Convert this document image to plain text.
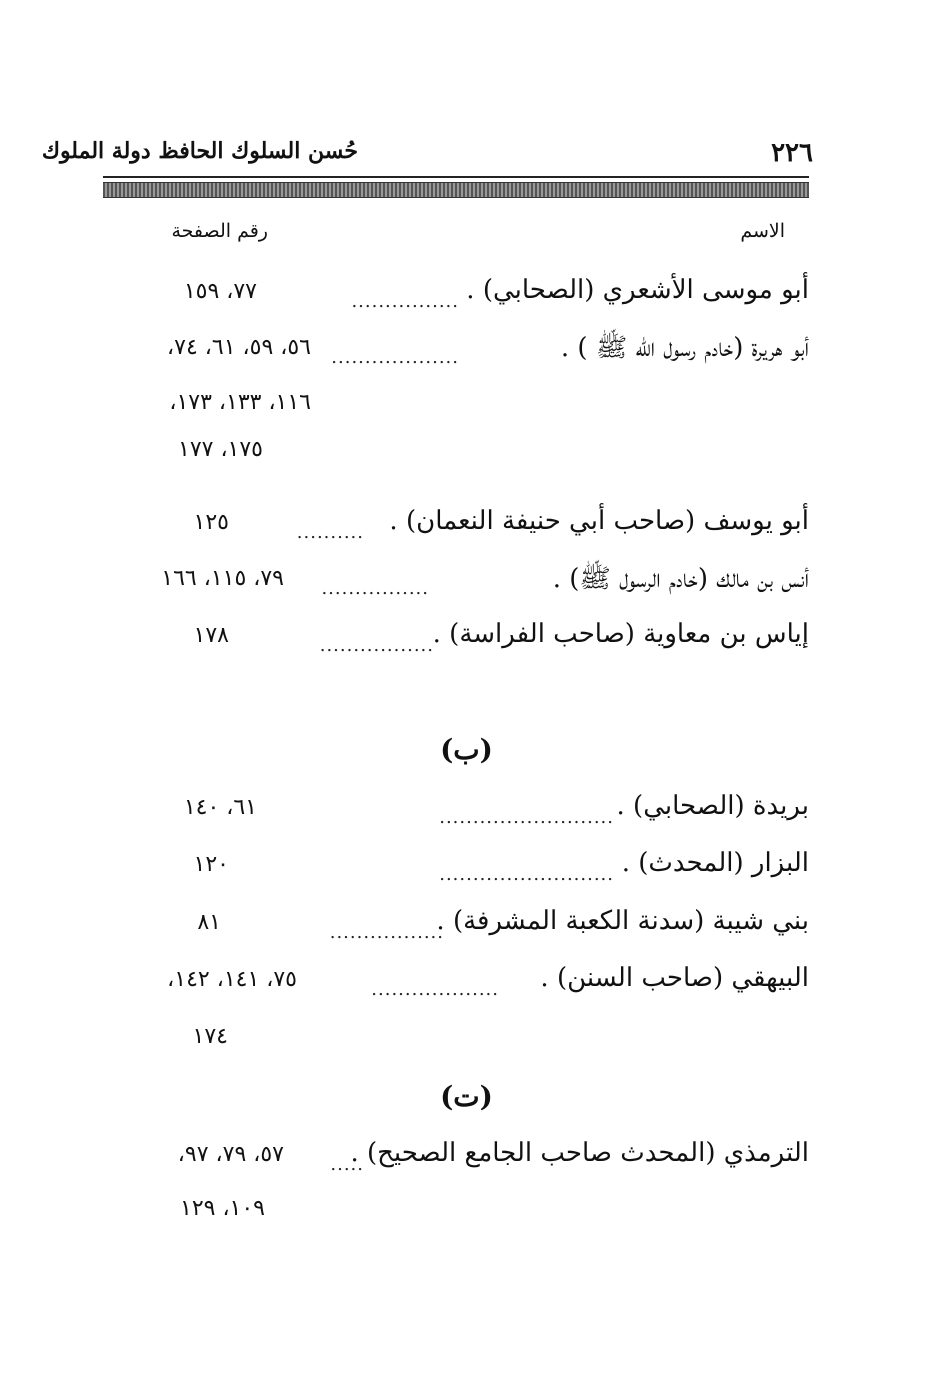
حُسن السلوك الحافظ دولة الملوك	٢٢٦
الاسم
رقم الصفحة
أبو موسى الأشعري (الصحابي) .
................
٧٧، ١٥٩
أبو هريرة (خادم رسول الله ﷺ ) .
...................
٥٦، ٥٩، ٦١، ٧٤،
١١٦، ١٣٣، ١٧٣،
١٧٥، ١٧٧
أبو يوسف (صاحب أبي حنيفة النعمان) .
..........
١٢٥
أنس بن مالك (خادم الرسول ﷺ) .
................
٧٩، ١١٥، ١٦٦
إياس بن معاوية (صاحب الفراسة) .
.................
١٧٨
(ب)
بريدة (الصحابي) .
..........................
٦١، ١٤٠
البزار (المحدث) .
..........................
١٢٠
بني شيبة (سدنة الكعبة المشرفة) .
.................
٨١
البيهقي (صاحب السنن) .
...................
٧٥، ١٤١، ١٤٢،
١٧٤
(ت)
الترمذي (المحدث صاحب الجامع الصحيح) .
.....
٥٧، ٧٩، ٩٧،
١٠٩، ١٢٩
